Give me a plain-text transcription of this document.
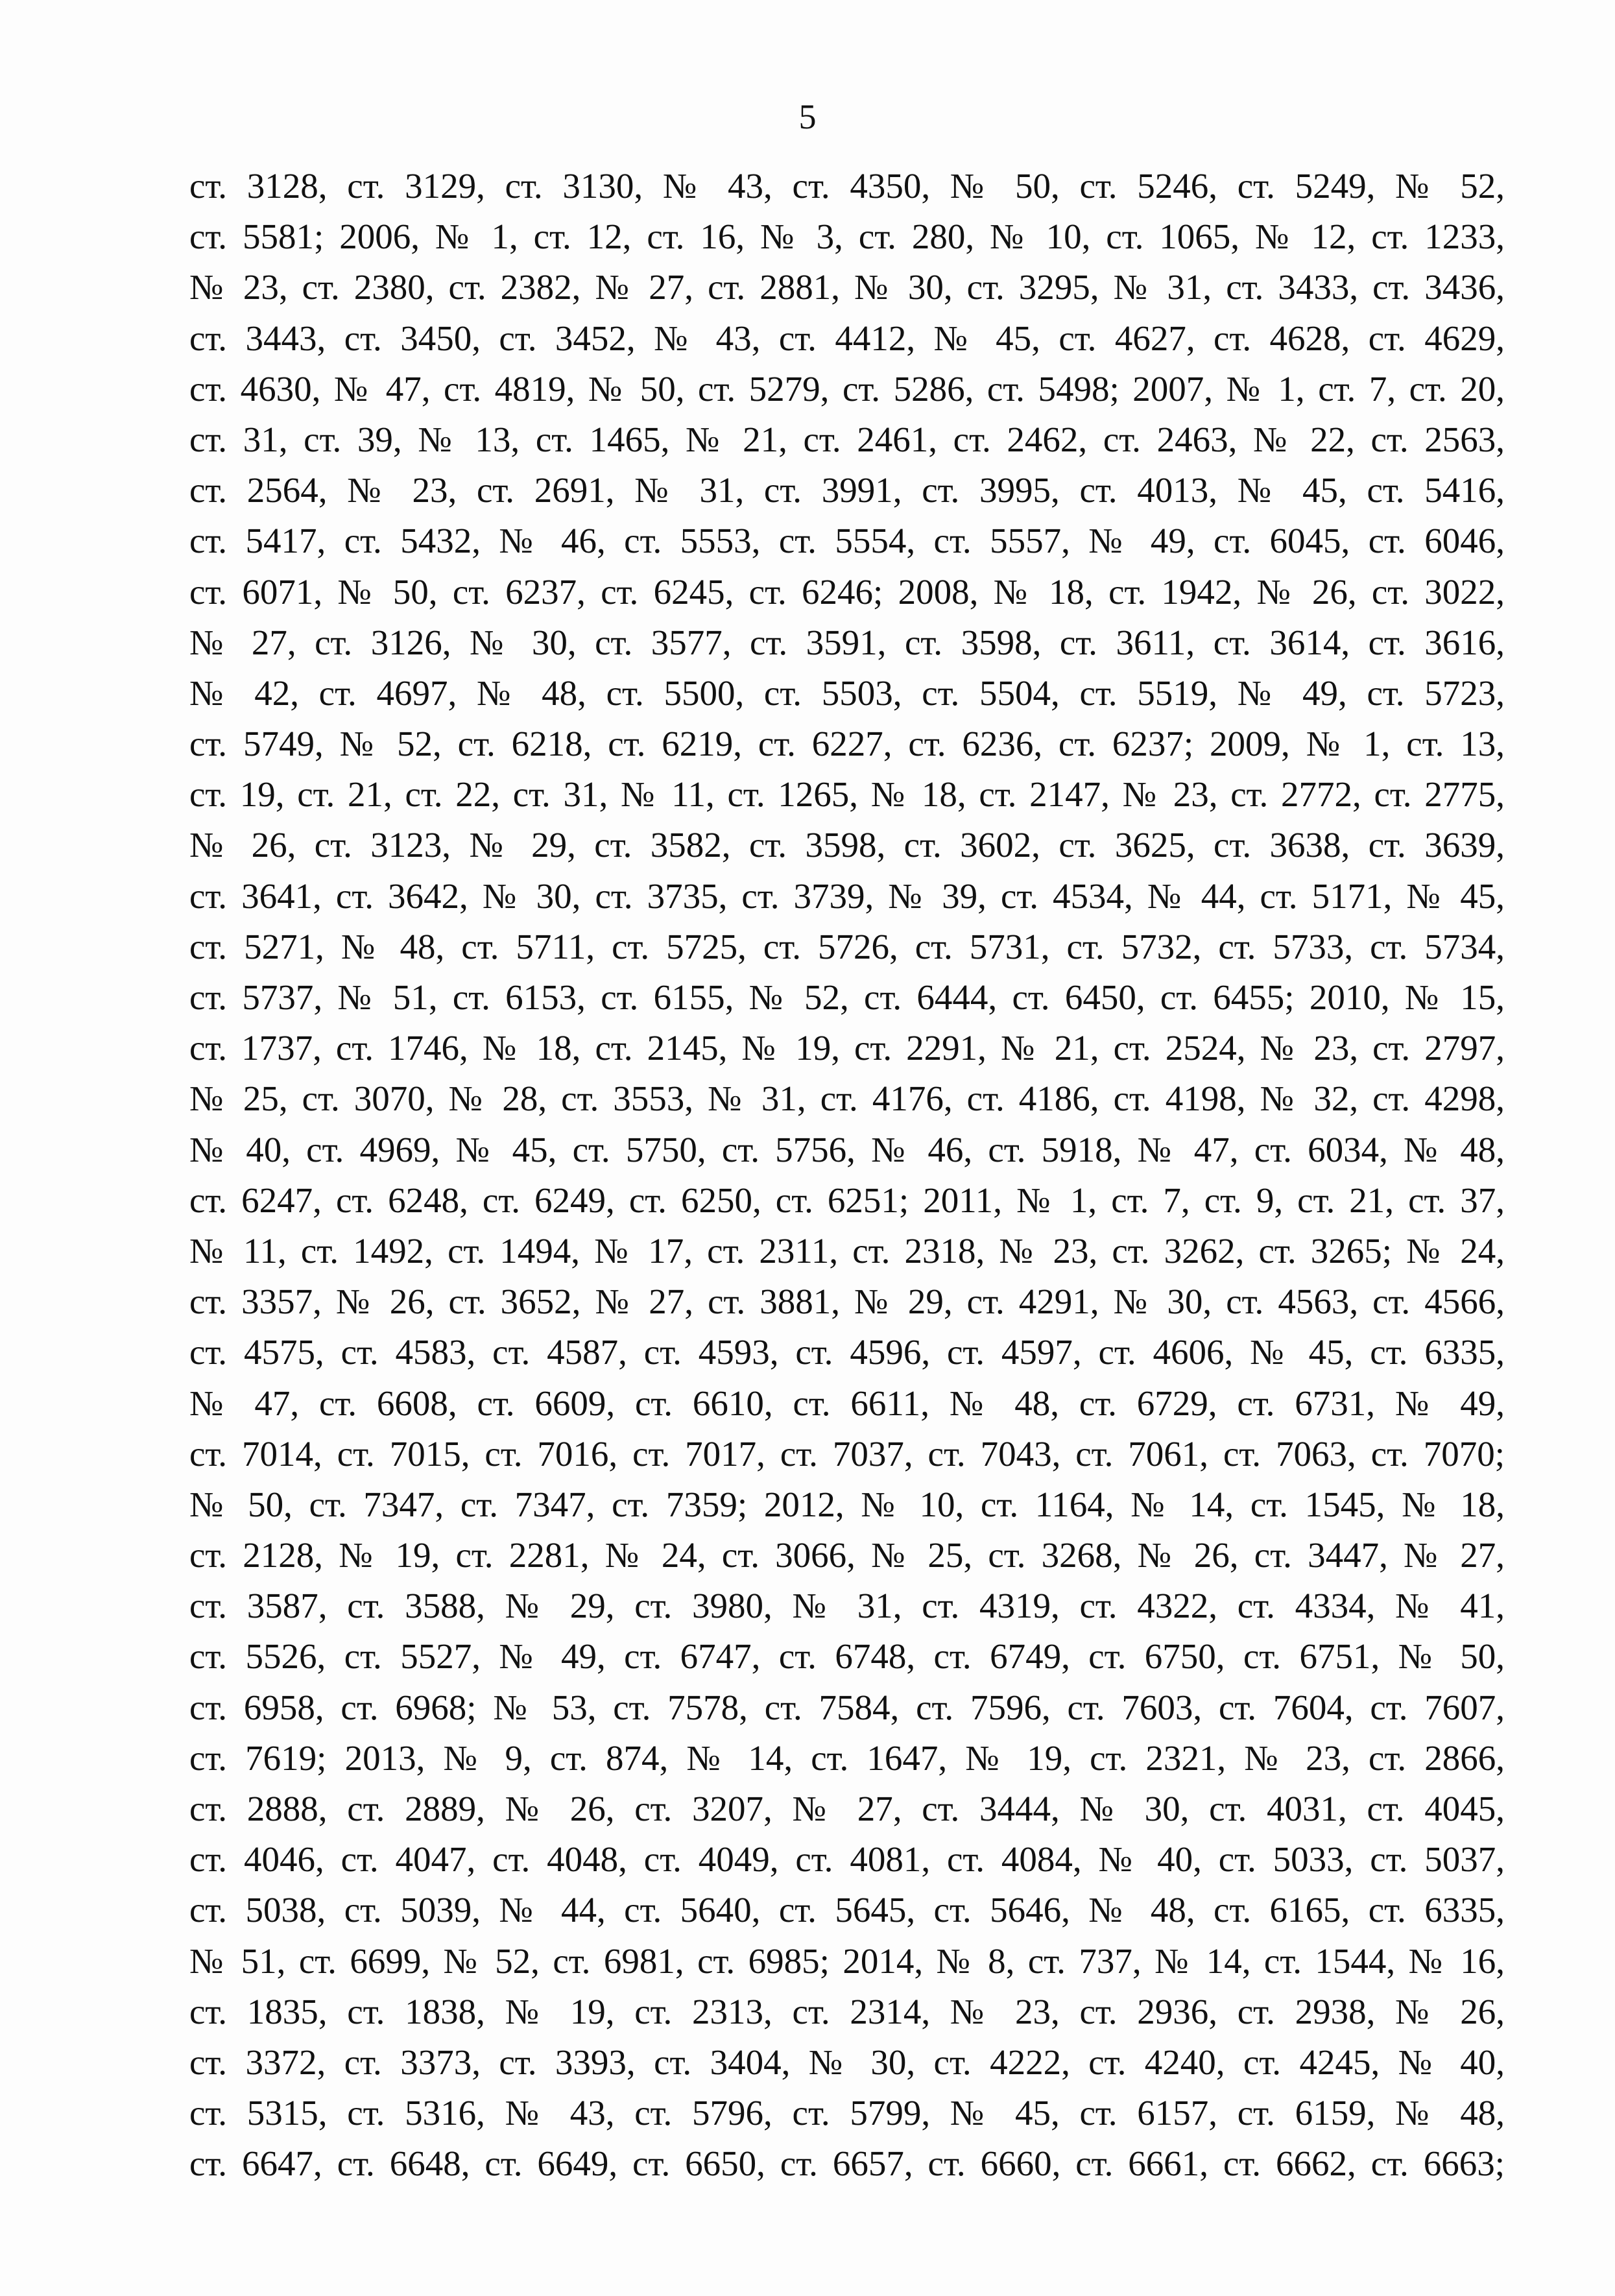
5
ст. 3128, ст. 3129, ст. 3130, № 43, ст. 4350, № 50, ст. 5246, ст. 5249, № 52,
ст. 5581; 2006, № 1, ст. 12, ст. 16, № 3, ст. 280, № 10, ст. 1065, № 12, ст. 1233,
№ 23, ст. 2380, ст. 2382, № 27, ст. 2881, № 30, ст. 3295, № 31, ст. 3433, ст. 3436,
ст. 3443, ст. 3450, ст. 3452, № 43, ст. 4412, № 45, ст. 4627, ст. 4628, ст. 4629,
ст. 4630, № 47, ст. 4819, № 50, ст. 5279, ст. 5286, ст. 5498; 2007, № 1, ст. 7, ст. 20,
ст. 31, ст. 39, № 13, ст. 1465, № 21, ст. 2461, ст. 2462, ст. 2463, № 22, ст. 2563,
ст. 2564, № 23, ст. 2691, № 31, ст. 3991, ст. 3995, ст. 4013, № 45, ст. 5416,
ст. 5417, ст. 5432, № 46, ст. 5553, ст. 5554, ст. 5557, № 49, ст. 6045, ст. 6046,
ст. 6071, № 50, ст. 6237, ст. 6245, ст. 6246; 2008, № 18, ст. 1942, № 26, ст. 3022,
№ 27, ст. 3126, № 30, ст. 3577, ст. 3591, ст. 3598, ст. 3611, ст. 3614, ст. 3616,
№ 42, ст. 4697, № 48, ст. 5500, ст. 5503, ст. 5504, ст. 5519, № 49, ст. 5723,
ст. 5749, № 52, ст. 6218, ст. 6219, ст. 6227, ст. 6236, ст. 6237; 2009, № 1, ст. 13,
ст. 19, ст. 21, ст. 22, ст. 31, № 11, ст. 1265, № 18, ст. 2147, № 23, ст. 2772, ст. 2775,
№ 26, ст. 3123, № 29, ст. 3582, ст. 3598, ст. 3602, ст. 3625, ст. 3638, ст. 3639,
ст. 3641, ст. 3642, № 30, ст. 3735, ст. 3739, № 39, ст. 4534, № 44, ст. 5171, № 45,
ст. 5271, № 48, ст. 5711, ст. 5725, ст. 5726, ст. 5731, ст. 5732, ст. 5733, ст. 5734,
ст. 5737, № 51, ст. 6153, ст. 6155, № 52, ст. 6444, ст. 6450, ст. 6455; 2010, № 15,
ст. 1737, ст. 1746, № 18, ст. 2145, № 19, ст. 2291, № 21, ст. 2524, № 23, ст. 2797,
№ 25, ст. 3070, № 28, ст. 3553, № 31, ст. 4176, ст. 4186, ст. 4198, № 32, ст. 4298,
№ 40, ст. 4969, № 45, ст. 5750, ст. 5756, № 46, ст. 5918, № 47, ст. 6034, № 48,
ст. 6247, ст. 6248, ст. 6249, ст. 6250, ст. 6251; 2011, № 1, ст. 7, ст. 9, ст. 21, ст. 37,
№ 11, ст. 1492, ст. 1494, № 17, ст. 2311, ст. 2318, № 23, ст. 3262, ст. 3265; № 24,
ст. 3357, № 26, ст. 3652, № 27, ст. 3881, № 29, ст. 4291, № 30, ст. 4563, ст. 4566,
ст. 4575, ст. 4583, ст. 4587, ст. 4593, ст. 4596, ст. 4597, ст. 4606, № 45, ст. 6335,
№ 47, ст. 6608, ст. 6609, ст. 6610, ст. 6611, № 48, ст. 6729, ст. 6731, № 49,
ст. 7014, ст. 7015, ст. 7016, ст. 7017, ст. 7037, ст. 7043, ст. 7061, ст. 7063, ст. 7070;
№ 50, ст. 7347, ст. 7347, ст. 7359; 2012, № 10, ст. 1164, № 14, ст. 1545, № 18,
ст. 2128, № 19, ст. 2281, № 24, ст. 3066, № 25, ст. 3268, № 26, ст. 3447, № 27,
ст. 3587, ст. 3588, № 29, ст. 3980, № 31, ст. 4319, ст. 4322, ст. 4334, № 41,
ст. 5526, ст. 5527, № 49, ст. 6747, ст. 6748, ст. 6749, ст. 6750, ст. 6751, № 50,
ст. 6958, ст. 6968; № 53, ст. 7578, ст. 7584, ст. 7596, ст. 7603, ст. 7604, ст. 7607,
ст. 7619; 2013, № 9, ст. 874, № 14, ст. 1647, № 19, ст. 2321, № 23, ст. 2866,
ст. 2888, ст. 2889, № 26, ст. 3207, № 27, ст. 3444, № 30, ст. 4031, ст. 4045,
ст. 4046, ст. 4047, ст. 4048, ст. 4049, ст. 4081, ст. 4084, № 40, ст. 5033, ст. 5037,
ст. 5038, ст. 5039, № 44, ст. 5640, ст. 5645, ст. 5646, № 48, ст. 6165, ст. 6335,
№ 51, ст. 6699, № 52, ст. 6981, ст. 6985; 2014, № 8, ст. 737, № 14, ст. 1544, № 16,
ст. 1835, ст. 1838, № 19, ст. 2313, ст. 2314, № 23, ст. 2936, ст. 2938, № 26,
ст. 3372, ст. 3373, ст. 3393, ст. 3404, № 30, ст. 4222, ст. 4240, ст. 4245, № 40,
ст. 5315, ст. 5316, № 43, ст. 5796, ст. 5799, № 45, ст. 6157, ст. 6159, № 48,
ст. 6647, ст. 6648, ст. 6649, ст. 6650, ст. 6657, ст. 6660, ст. 6661, ст. 6662, ст. 6663;
